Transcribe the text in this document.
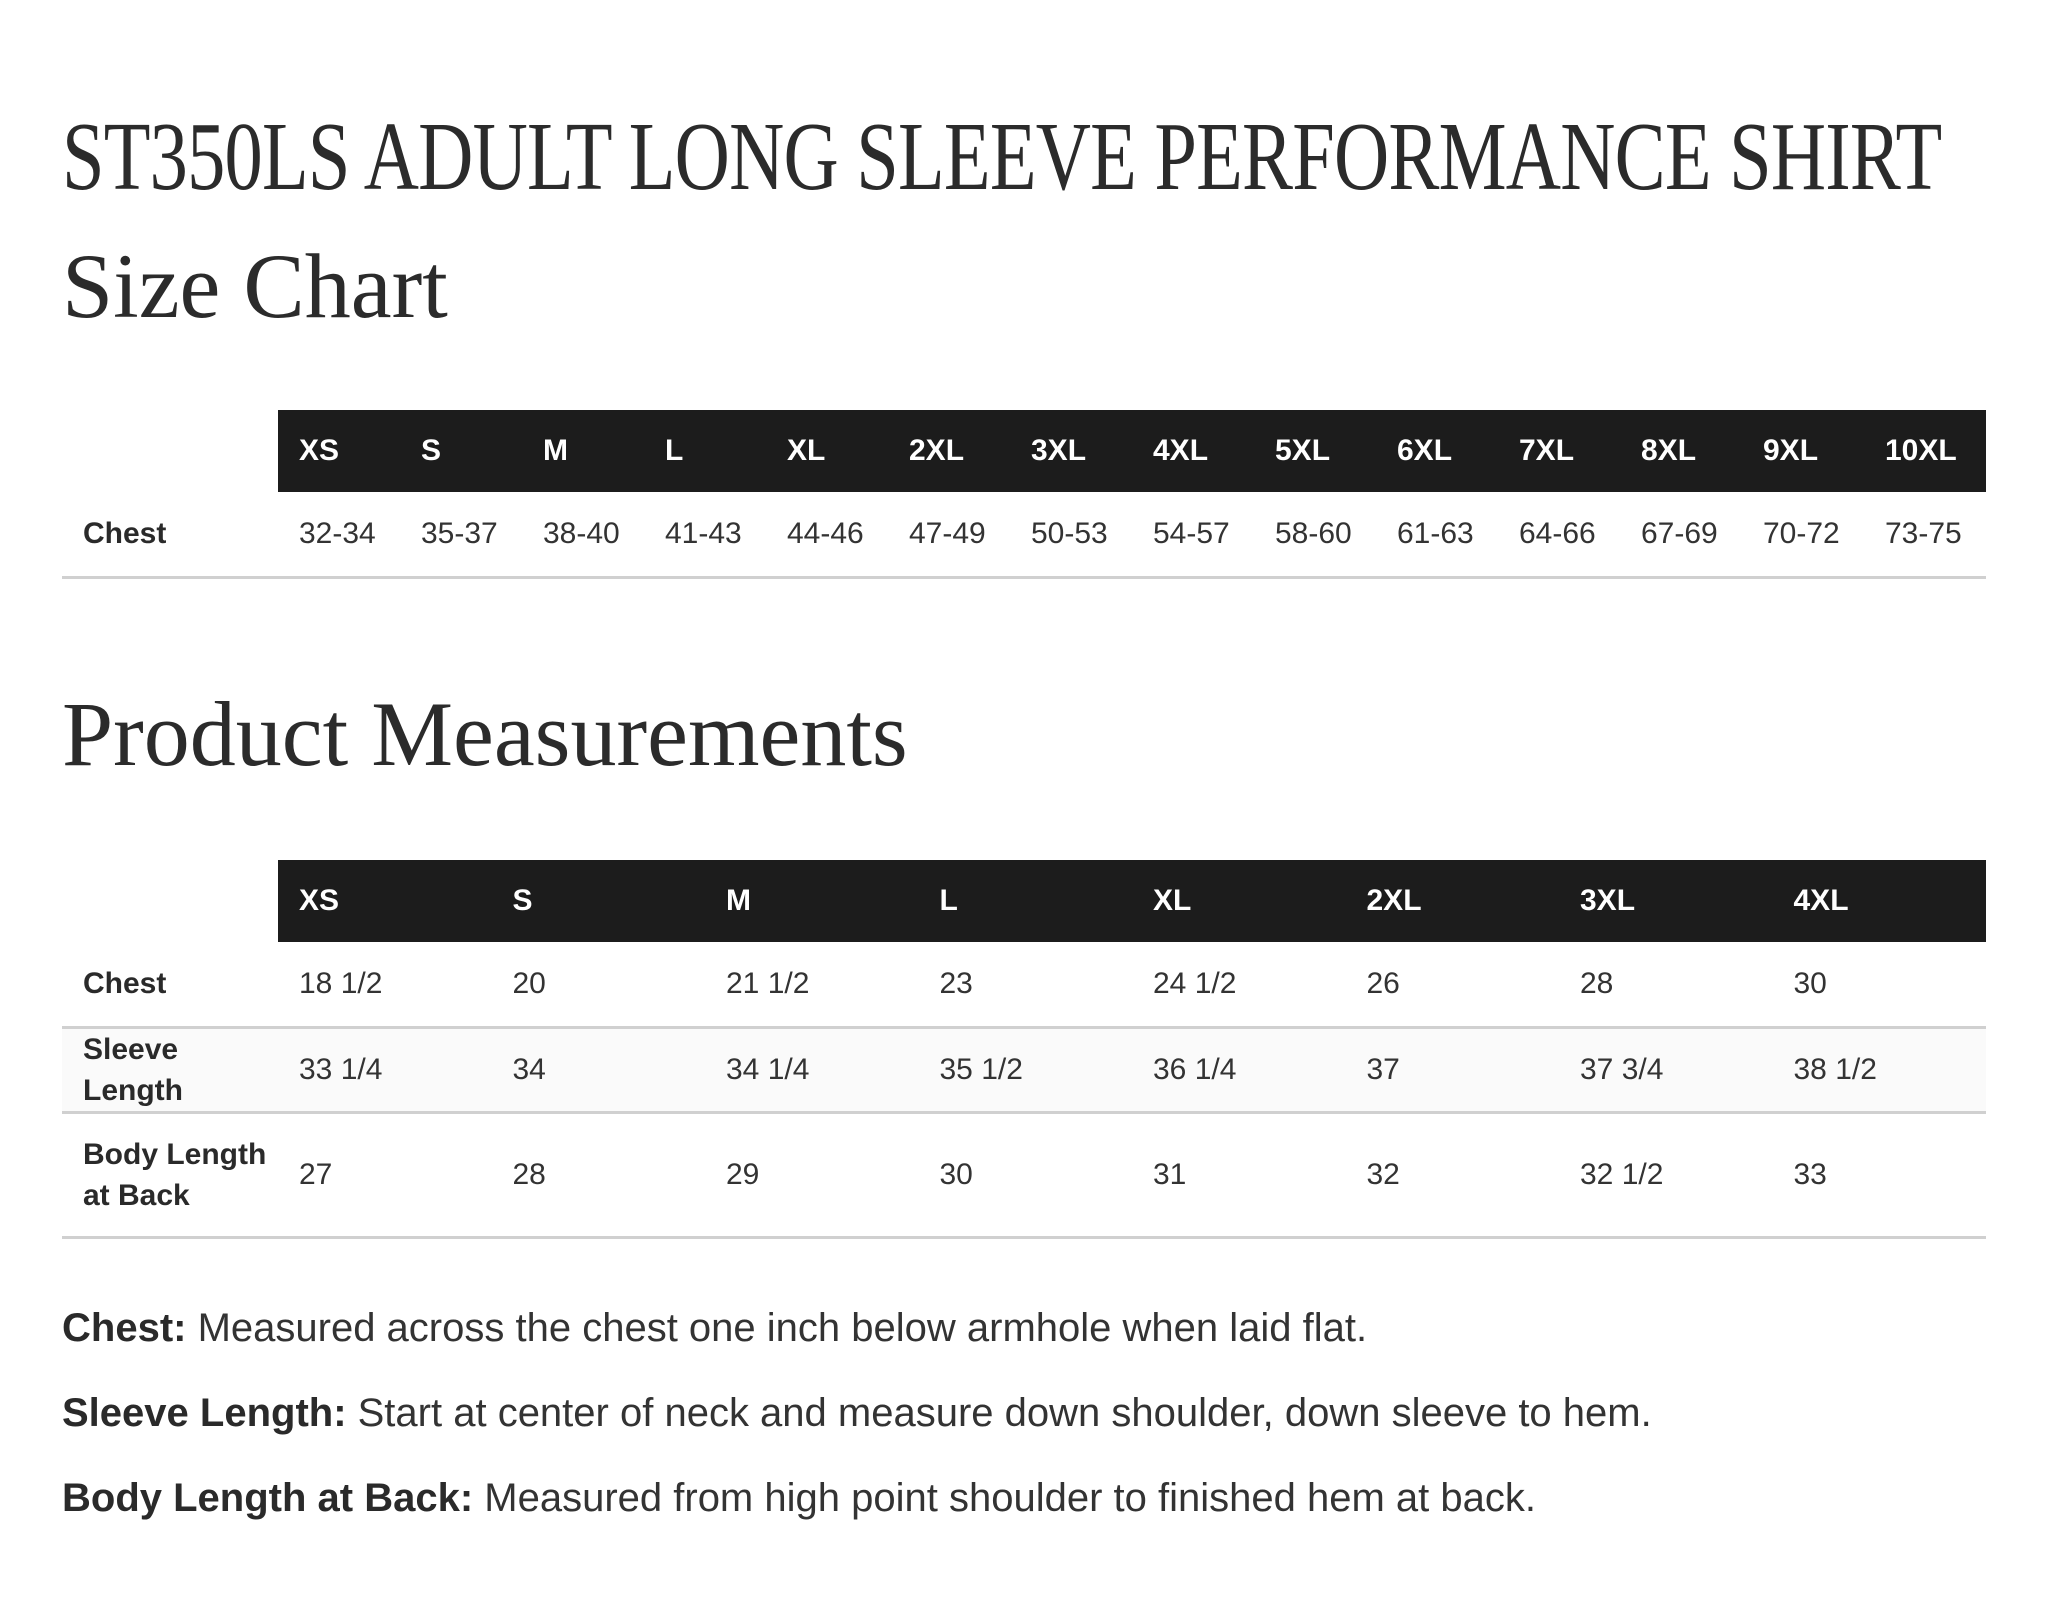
ST350LS ADULT LONG SLEEVE PERFORMANCE SHIRT
Size Chart
	XS	S	M	L	XL	2XL	3XL	4XL	5XL	6XL	7XL	8XL	9XL	10XL
Chest	32-34	35-37	38-40	41-43	44-46	47-49	50-53	54-57	58-60	61-63	64-66	67-69	70-72	73-75
Product Measurements
	XS	S	M	L	XL	2XL	3XL	4XL
Chest	18 1/2	20	21 1/2	23	24 1/2	26	28	30
Sleeve Length	33 1/4	34	34 1/4	35 1/2	36 1/4	37	37 3/4	38 1/2
Body Length at Back	27	28	29	30	31	32	32 1/2	33

Chest: Measured across the chest one inch below armhole when laid flat.

Sleeve Length: Start at center of neck and measure down shoulder, down sleeve to hem.

Body Length at Back: Measured from high point shoulder to finished hem at back.
